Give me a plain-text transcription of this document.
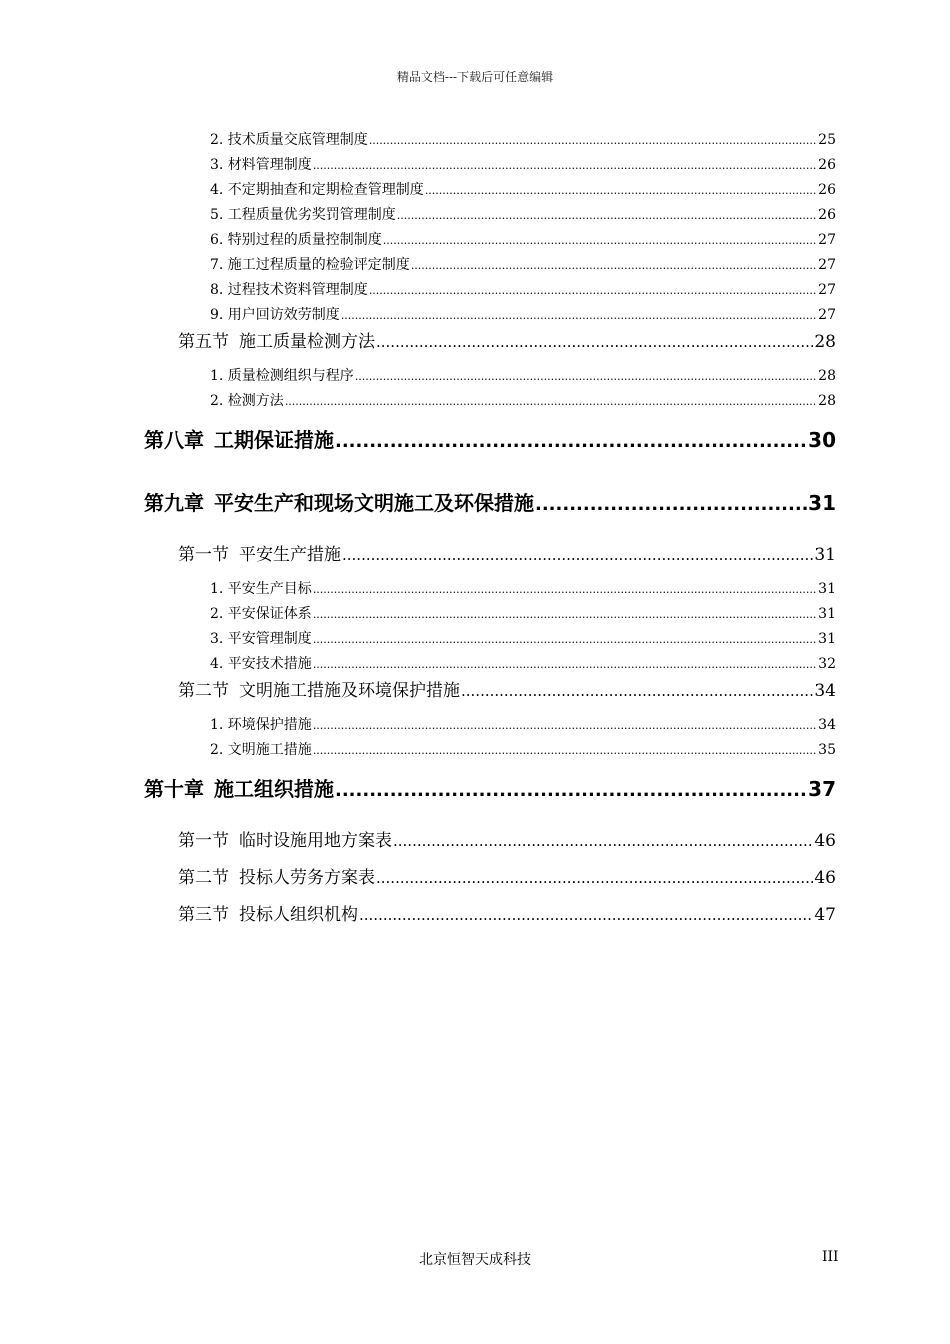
精品文档---下载后可任意编辑
2. 技术质量交底管理制度 .....	25
3. 材料管理制度 .....	26
4. 不定期抽查和定期检查管理制度 .....	26
5. 工程质量优劣奖罚管理制度 .....	26
6. 特别过程的质量控制制度 .....	27
7. 施工过程质量的检验评定制度 .....	27
8. 过程技术资料管理制度 .....	27
9. 用户回访效劳制度 .....	27
第五节 施工质量检测方法 .....	28
1. 质量检测组织与程序 .....	28
2. 检测方法 .....	28
第八章 工期保证措施 .....	30
第九章 平安生产和现场文明施工及环保措施 .....	31
第一节 平安生产措施 .....	31
1. 平安生产目标 .....	31
2. 平安保证体系 .....	31
3. 平安管理制度 .....	31
4. 平安技术措施 .....	32
第二节 文明施工措施及环境保护措施 .....	34
1. 环境保护措施 .....	34
2. 文明施工措施 .....	35
第十章 施工组织措施 .....	37
第一节 临时设施用地方案表 .....	46
第二节 投标人劳务方案表 .....	46
第三节 投标人组织机构 .....	47
北京恒智天成科技	III
